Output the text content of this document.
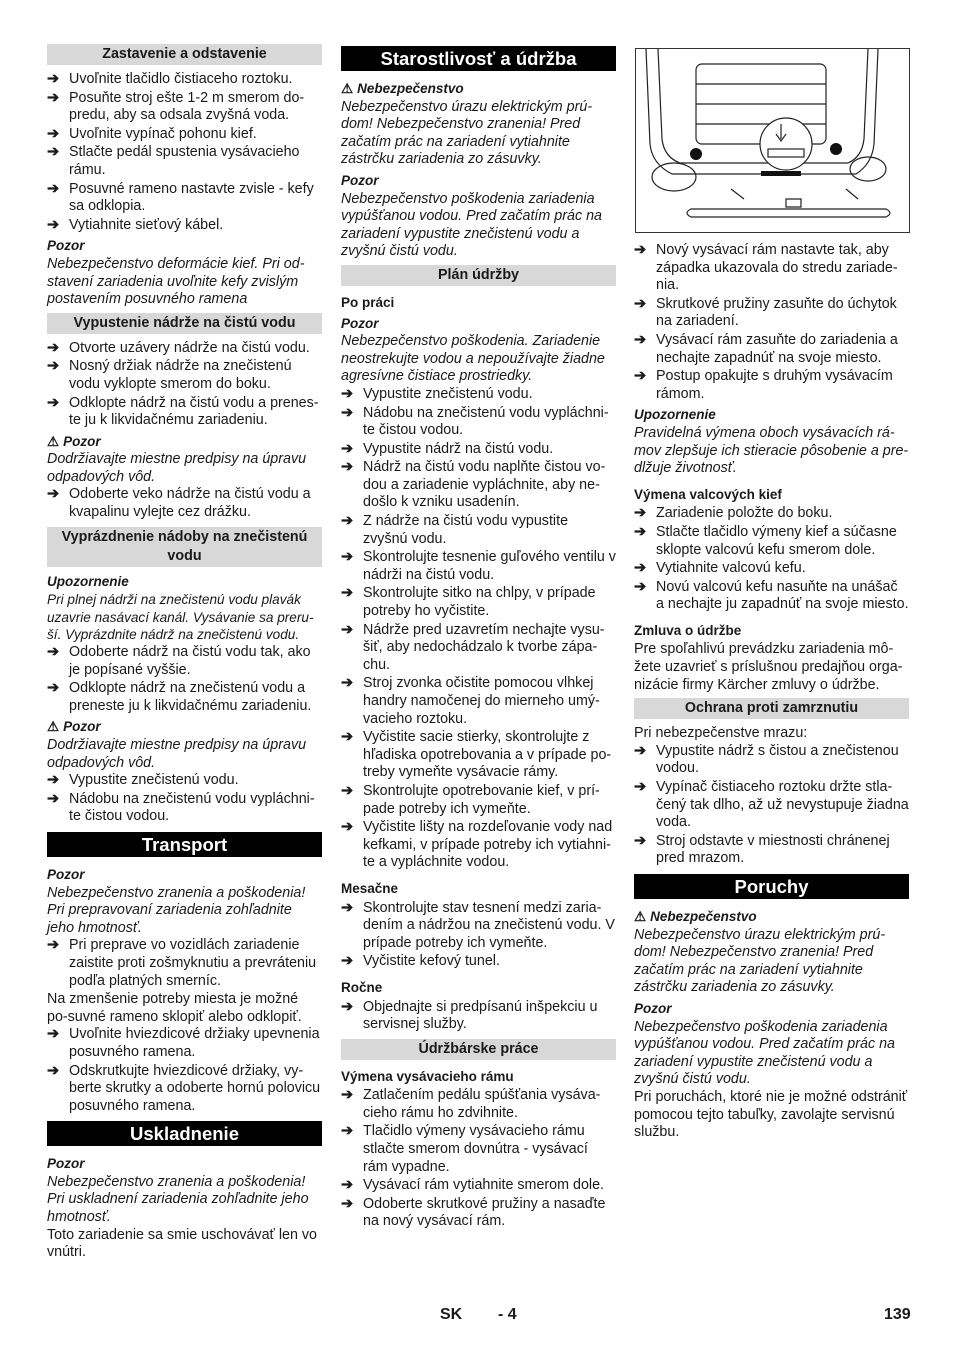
Zastavenie a odstavenie
➔ Uvoľnite tlačidlo čistiaceho roztoku.
➔ Posuňte stroj ešte 1-2 m smerom do-predu, aby sa odsala zvyšná voda.
➔ Uvoľnite vypínač pohonu kief.
➔ Stlačte pedál spustenia vysávacieho rámu.
➔ Posuvné rameno nastavte zvisle - kefy sa odklopia.
➔ Vytiahnite sieťový kábel.
Pozor

Nebezpečenstvo deformácie kief. Pri od-stavení zariadenia uvoľnite kefy zvislým postavením posuvného ramena

Vypustenie nádrže na čistú vodu
➔ Otvorte uzávery nádrže na čistú vodu.
➔ Nosný držiak nádrže na znečistenú vodu vyklopte smerom do boku.
➔ Odklopte nádrž na čistú vodu a prenes-te ju k likvidačnému zariadeniu.
⚠ Pozor

Dodržiavajte miestne predpisy na úpravu odpadových vôd.

➔ Odoberte veko nádrže na čistú vodu a kvapalinu vylejte cez drážku.
Vyprázdnenie nádoby na znečistenú vodu
Upozornenie

Pri plnej nádrži na znečistenú vodu plavák uzavrie nasávací kanál. Vysávanie sa preru-ší. Vyprázdnite nádrž na znečistenú vodu.

➔ Odoberte nádrž na čistú vodu tak, ako je popísané vyššie.
➔ Odklopte nádrž na znečistenú vodu a preneste ju k likvidačnému zariadeniu.
⚠ Pozor

Dodržiavajte miestne predpisy na úpravu odpadových vôd.

➔ Vypustite znečistenú vodu.
➔ Nádobu na znečistenú vodu vypláchni-te čistou vodou.
Transport
Pozor

Nebezpečenstvo zranenia a poškodenia! Pri prepravovaní zariadenia zohľadnite jeho hmotnosť.

➔ Pri preprave vo vozidlách zariadenie zaistite proti zošmyknutiu a prevráteniu podľa platných smerníc.

Na zmenšenie potreby miesta je možné po-suvné rameno sklopiť alebo odklopiť.

➔ Uvoľnite hviezdicové držiaky upevnenia posuvného ramena.
➔ Odskrutkujte hviezdicové držiaky, vy-berte skrutky a odoberte hornú polovicu posuvného ramena.
Uskladnenie
Pozor

Nebezpečenstvo zranenia a poškodenia! Pri uskladnení zariadenia zohľadnite jeho hmotnosť.

Toto zariadenie sa smie uschovávať len vo vnútri.

Starostlivosť a údržba
⚠ Nebezpečenstvo

Nebezpečenstvo úrazu elektrickým prú-dom! Nebezpečenstvo zranenia! Pred začatím prác na zariadení vytiahnite zástrčku zariadenia zo zásuvky.

Pozor

Nebezpečenstvo poškodenia zariadenia vypúšťanou vodou. Pred začatím prác na zariadení vypustite znečistenú vodu a zvyšnú čistú vodu.

Plán údržby
Po práci
Pozor

Nebezpečenstvo poškodenia. Zariadenie neostrekujte vodou a nepoužívajte žiadne agresívne čistiace prostriedky.

➔ Vypustite znečistenú vodu.
➔ Nádobu na znečistenú vodu vypláchni-te čistou vodou.
➔ Vypustite nádrž na čistú vodu.
➔ Nádrž na čistú vodu naplňte čistou vo-dou a zariadenie vypláchnite, aby ne-došlo k vzniku usadenín.
➔ Z nádrže na čistú vodu vypustite zvyšnú vodu.
➔ Skontrolujte tesnenie guľového ventilu v nádrži na čistú vodu.
➔ Skontrolujte sitko na chlpy, v prípade potreby ho vyčistite.
➔ Nádrže pred uzavretím nechajte vysu-šiť, aby nedochádzalo k tvorbe zápa-chu.
➔ Stroj zvonka očistite pomocou vlhkej handry namočenej do mierneho umý-vacieho roztoku.
➔ Vyčistite sacie stierky, skontrolujte z hľadiska opotrebovania a v prípade po-treby vymeňte vysávacie rámy.
➔ Skontrolujte opotrebovanie kief, v prí-pade potreby ich vymeňte.
➔ Vyčistite lišty na rozdeľovanie vody nad kefkami, v prípade potreby ich vytiahni-te a vypláchnite vodou.
Mesačne
➔ Skontrolujte stav tesnení medzi zaria-dením a nádržou na znečistenú vodu. V prípade potreby ich vymeňte.
➔ Vyčistite kefový tunel.
Ročne
➔ Objednajte si predpísanú inšpekciu u servisnej služby.
Údržbárske práce
Výmena vysávacieho rámu
➔ Zatlačením pedálu spúšťania vysáva-cieho rámu ho zdvihnite.
➔ Tlačidlo výmeny vysávacieho rámu stlačte smerom dovnútra - vysávací rám vypadne.
➔ Vysávací rám vytiahnite smerom dole.
➔ Odoberte skrutkové pružiny a nasaďte na nový vysávací rám.
➔ Nový vysávací rám nastavte tak, aby západka ukazovala do stredu zariade-nia.
➔ Skrutkové pružiny zasuňte do úchytok na zariadení.
➔ Vysávací rám zasuňte do zariadenia a nechajte zapadnúť na svoje miesto.
➔ Postup opakujte s druhým vysávacím rámom.
Upozornenie

Pravidelná výmena oboch vysávacích rá-mov zlepšuje ich stieracie pôsobenie a pre-dlžuje životnosť.

Výmena valcových kief
➔ Zariadenie položte do boku.
➔ Stlačte tlačidlo výmeny kief a súčasne sklopte valcovú kefu smerom dole.
➔ Vytiahnite valcovú kefu.
➔ Novú valcovú kefu nasuňte na unášač a nechajte ju zapadnúť na svoje miesto.
Zmluva o údržbe

Pre spoľahlivú prevádzku zariadenia mô-žete uzavrieť s príslušnou predajňou orga-nizácie firmy Kärcher zmluvy o údržbe.

Ochrana proti zamrznutiu

Pri nebezpečenstve mrazu:

➔ Vypustite nádrž s čistou a znečistenou vodou.
➔ Vypínač čistiaceho roztoku držte stla-čený tak dlho, až už nevystupuje žiadna voda.
➔ Stroj odstavte v miestnosti chránenej pred mrazom.
Poruchy
⚠ Nebezpečenstvo

Nebezpečenstvo úrazu elektrickým prú-dom! Nebezpečenstvo zranenia! Pred začatím prác na zariadení vytiahnite zástrčku zariadenia zo zásuvky.

Pozor

Nebezpečenstvo poškodenia zariadenia vypúšťanou vodou. Pred začatím prác na zariadení vypustite znečistenú vodu a zvyšnú čistú vodu.

Pri poruchách, ktoré nie je možné odstrániť pomocou tejto tabuľky, zavolajte servisnú službu.

SK - 4	139
